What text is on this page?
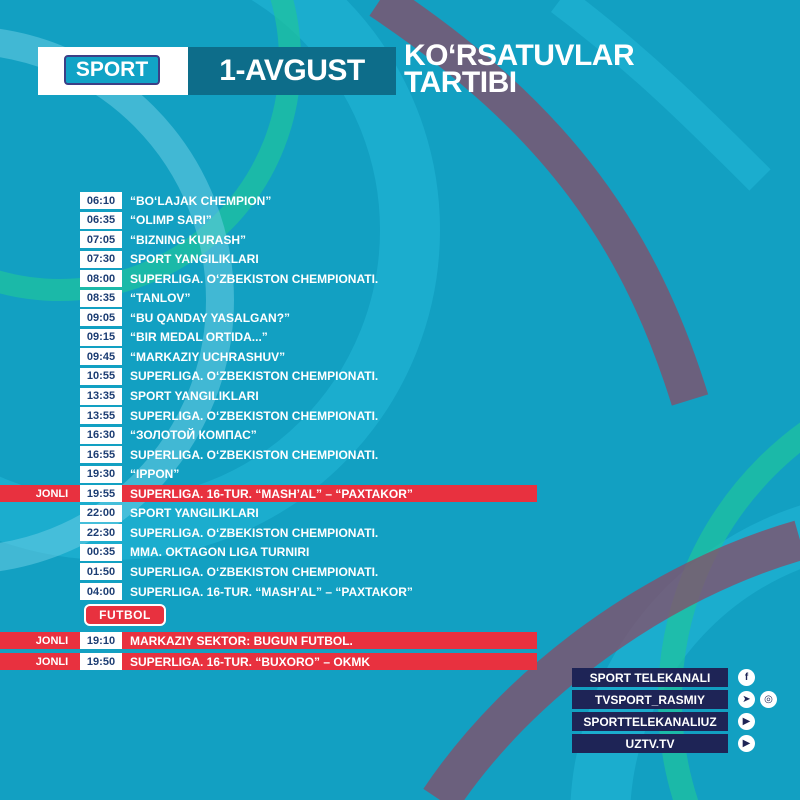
SPORT	1-AVGUST	KO‘RSATUVLAR
TARTIBI
06:10	“BO‘LAJAK CHEMPION”
06:35	“OLIMP SARI”
07:05	“BIZNING KURASH”
07:30	SPORT YANGILIKLARI
08:00	SUPERLIGA. O‘ZBEKISTON CHEMPIONATI.
08:35	“TANLOV”
09:05	“BU QANDAY YASALGAN?”
09:15	“BIR MEDAL ORTIDA...”
09:45	“MARKAZIY UCHRASHUV”
10:55	SUPERLIGA. O‘ZBEKISTON CHEMPIONATI.
13:35	SPORT YANGILIKLARI
13:55	SUPERLIGA. O‘ZBEKISTON CHEMPIONATI.
16:30	“ЗОЛОТОЙ КОМПАС”
16:55	SUPERLIGA. O‘ZBEKISTON CHEMPIONATI.
19:30	“IPPON”
JONLI	19:55	SUPERLIGA. 16-TUR. “MASH’AL” – “PAXTAKOR”
22:00	SPORT YANGILIKLARI
22:30	SUPERLIGA. O‘ZBEKISTON CHEMPIONATI.
00:35	MMA. OKTAGON LIGA TURNIRI
01:50	SUPERLIGA. O‘ZBEKISTON CHEMPIONATI.
04:00	SUPERLIGA. 16-TUR. “MASH’AL” – “PAXTAKOR”
JONLI	19:10	MARKAZIY SEKTOR: BUGUN FUTBOL.
JONLI	19:50	SUPERLIGA. 16-TUR. “BUXORO” – OKMK
FUTBOL
SPORT TELEKANALI	f
TVSPORT_RASMIY	➤	◎
SPORTTELEKANALIUZ	▶
UZTV.TV	▶
